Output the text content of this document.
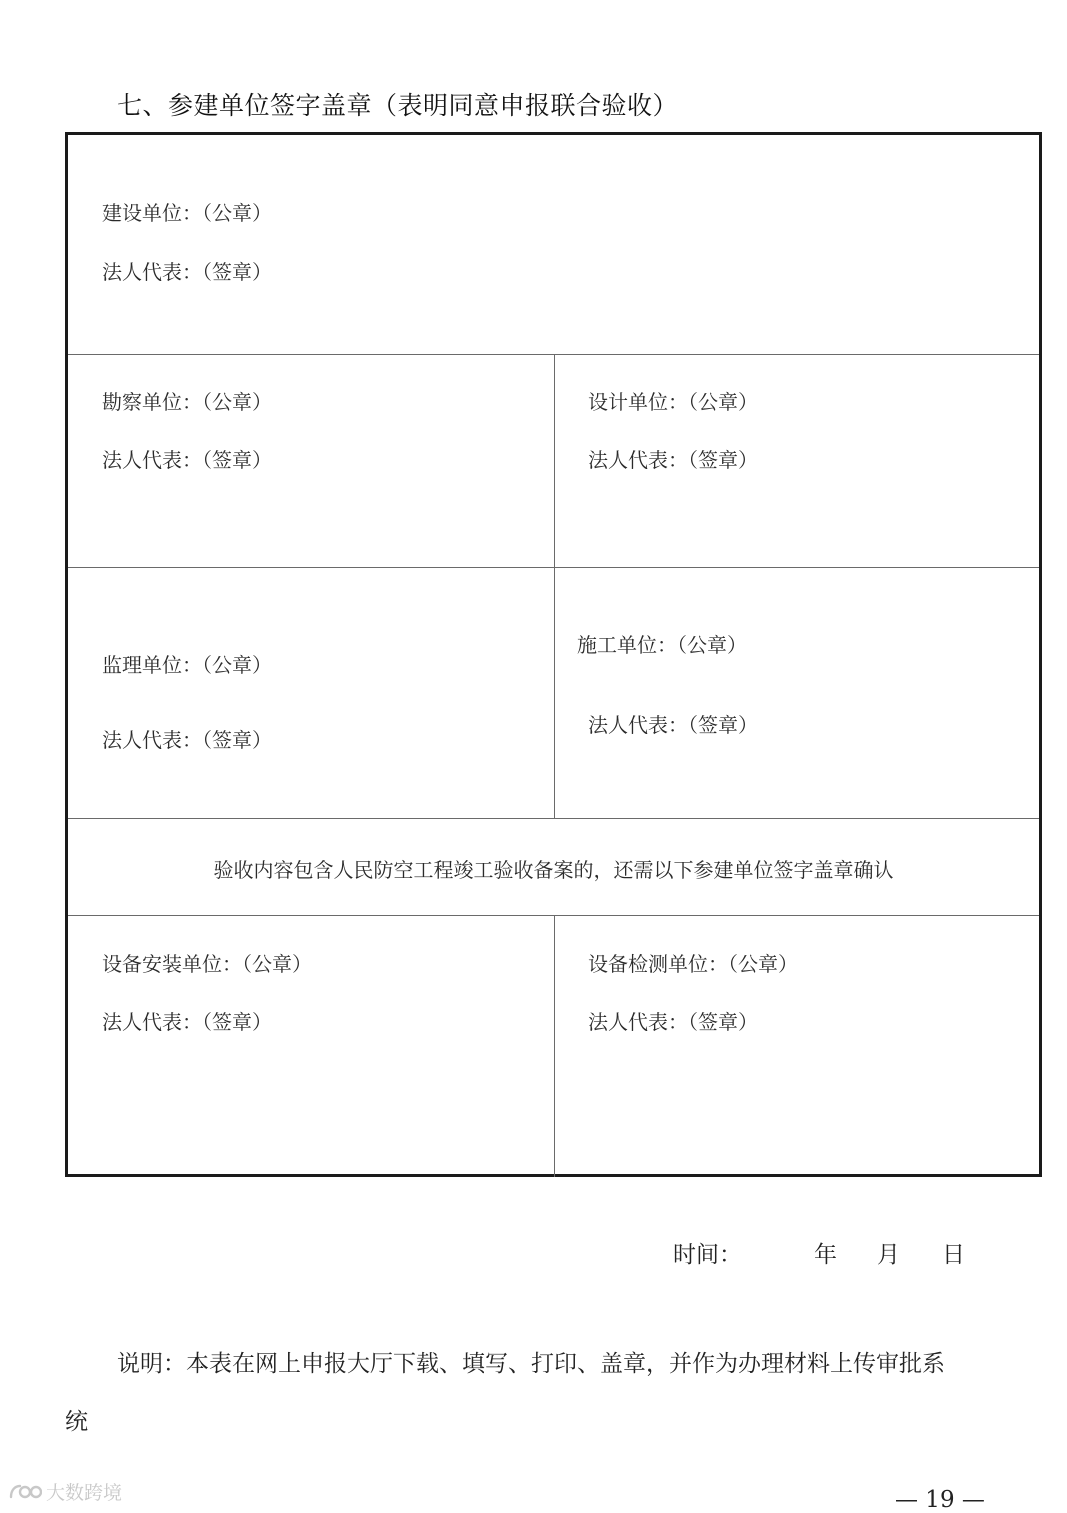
七、参建单位签字盖章（表明同意申报联合验收）
建设单位：（公章）
法人代表：（签章）
勘察单位：（公章）
法人代表：（签章）
设计单位：（公章）
法人代表：（签章）
监理单位：（公章）
法人代表：（签章）
施工单位：（公章）
法人代表：（签章）
验收内容包含人民防空工程竣工验收备案的，还需以下参建单位签字盖章确认
设备安装单位：（公章）
法人代表：（签章）
设备检测单位：（公章）
法人代表：（签章）
时间：	年 月 日
说明：本表在网上申报大厅下载、填写、打印、盖章，并作为办理材料上传审批系
统
大数跨境	— 19 —
